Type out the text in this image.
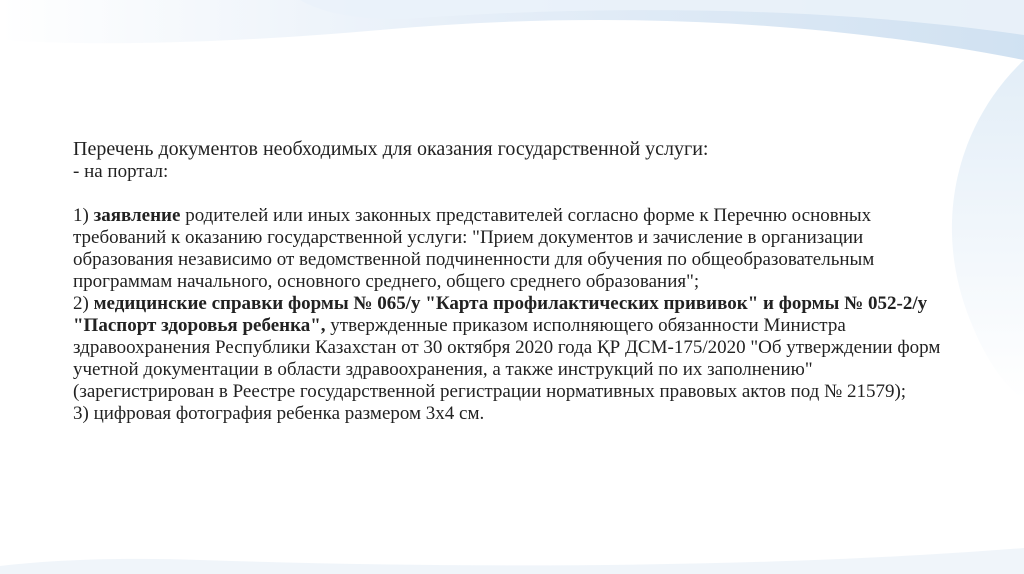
Перечень документов необходимых для оказания государственной услуги:

- на портал:

1) заявление родителей или иных законных представителей согласно форме к Перечню основных требований к оказанию государственной услуги: "Прием документов и зачисление в организации образования независимо от ведомственной подчиненности для обучения по общеобразовательным программам начального, основного среднего, общего среднего образования";

2) медицинские справки формы № 065/у "Карта профилактических прививок" и формы № 052-2/у "Паспорт здоровья ребенка", утвержденные приказом исполняющего обязанности Министра здравоохранения Республики Казахстан от 30 октября 2020 года ҚР ДСМ-175/2020 "Об утверждении форм учетной документации в области здравоохранения, а также инструкций по их заполнению" (зарегистрирован в Реестре государственной регистрации нормативных правовых актов под № 21579);

3) цифровая фотография ребенка размером 3х4 см.
